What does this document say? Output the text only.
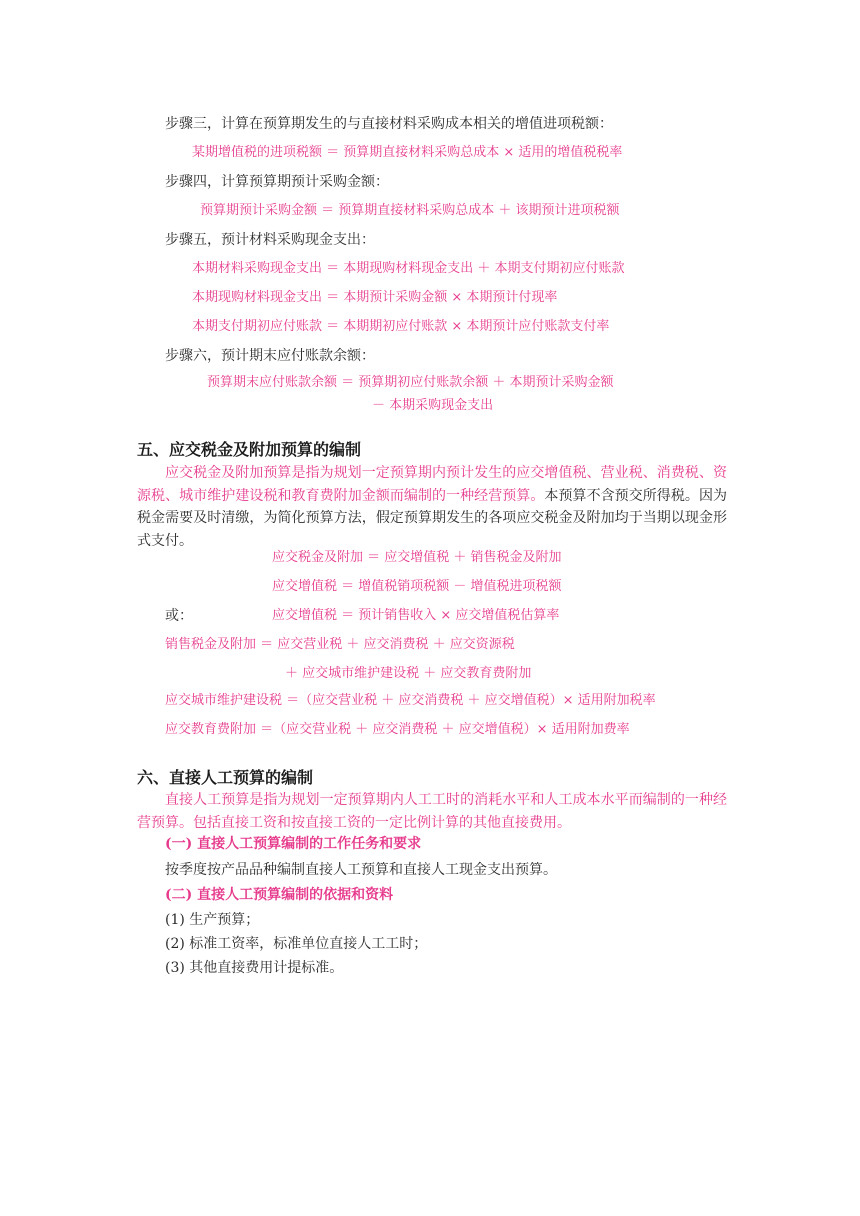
步骤三，计算在预算期发生的与直接材料采购成本相关的增值进项税额：
某期增值税的进项税额 ＝ 预算期直接材料采购总成本 × 适用的增值税税率
步骤四，计算预算期预计采购金额：
预算期预计采购金额 ＝ 预算期直接材料采购总成本 ＋ 该期预计进项税额
步骤五，预计材料采购现金支出：
本期材料采购现金支出 ＝ 本期现购材料现金支出 ＋ 本期支付期初应付账款
本期现购材料现金支出 ＝ 本期预计采购金额 × 本期预计付现率
本期支付期初应付账款 ＝ 本期期初应付账款 × 本期预计应付账款支付率
步骤六，预计期末应付账款余额：
预算期末应付账款余额 ＝ 预算期初应付账款余额 ＋ 本期预计采购金额
－ 本期采购现金支出
五、应交税金及附加预算的编制
应交税金及附加预算是指为规划一定预算期内预计发生的应交增值税、营业税、消费税、资源税、城市维护建设税和教育费附加金额而编制的一种经营预算。本预算不含预交所得税。因为税金需要及时清缴，为简化预算方法，假定预算期发生的各项应交税金及附加均于当期以现金形式支付。
应交税金及附加 ＝ 应交增值税 ＋ 销售税金及附加
应交增值税 ＝ 增值税销项税额 － 增值税进项税额
或：	应交增值税 ＝ 预计销售收入 × 应交增值税估算率
销售税金及附加 ＝ 应交营业税 ＋ 应交消费税 ＋ 应交资源税
＋ 应交城市维护建设税 ＋ 应交教育费附加
应交城市维护建设税 ＝（应交营业税 ＋ 应交消费税 ＋ 应交增值税）× 适用附加税率
应交教育费附加 ＝（应交营业税 ＋ 应交消费税 ＋ 应交增值税）× 适用附加费率
六、直接人工预算的编制
直接人工预算是指为规划一定预算期内人工工时的消耗水平和人工成本水平而编制的一种经营预算。包括直接工资和按直接工资的一定比例计算的其他直接费用。
(一) 直接人工预算编制的工作任务和要求
按季度按产品品种编制直接人工预算和直接人工现金支出预算。
(二) 直接人工预算编制的依据和资料
(1) 生产预算；
(2) 标准工资率，标准单位直接人工工时；
(3) 其他直接费用计提标准。
